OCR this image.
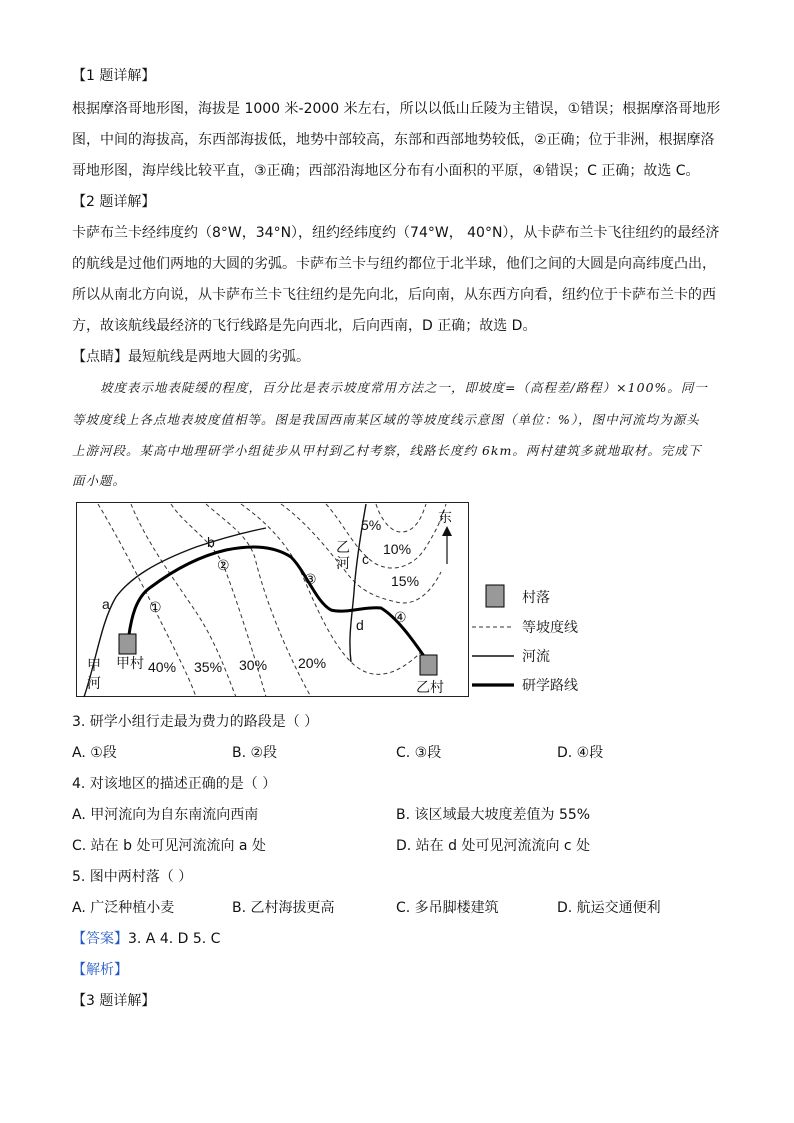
【1 题详解】
根据摩洛哥地形图，海拔是 1000 米-2000 米左右，所以以低山丘陵为主错误，①错误；根据摩洛哥地形
图，中间的海拔高，东西部海拔低，地势中部较高，东部和西部地势较低，②正确；位于非洲，根据摩洛
哥地形图，海岸线比较平直，③正确；西部沿海地区分布有小面积的平原，④错误；C 正确；故选 C。
【2 题详解】
卡萨布兰卡经纬度约（8°W，34°N），纽约经纬度约（74°W， 40°N），从卡萨布兰卡飞往纽约的最经济
的航线是过他们两地的大圆的劣弧。卡萨布兰卡与纽约都位于北半球，他们之间的大圆是向高纬度凸出，
所以从南北方向说，从卡萨布兰卡飞往纽约是先向北，后向南，从东西方向看，纽约位于卡萨布兰卡的西
方，故该航线最经济的飞行线路是先向西北，后向西南，D 正确；故选 D。
【点睛】最短航线是两地大圆的劣弧。
坡度表示地表陡缓的程度，百分比是表示坡度常用方法之一，即坡度=（高程差/路程）×100%。同一
等坡度线上各点地表坡度值相等。图是我国西南某区域的等坡度线示意图（单位：%），图中河流均为源头
上游河段。某高中地理研学小组徒步从甲村到乙村考察，线路长度约 6km。两村建筑多就地取材。完成下
面小题。
5%
10%
15%
40% 35% 30% 20%
a
b
c
d
①
②
③
④
乙
河
甲
河
甲村
乙村
东
村落
等坡度线
河流
研学路线
3. 研学小组行走最为费力的路段是（ ）
A. ①段	B. ②段	C. ③段	D. ④段
4. 对该地区的描述正确的是（ ）
A. 甲河流向为自东南流向西南	B. 该区域最大坡度差值为 55%
C. 站在 b 处可见河流流向 a 处	D. 站在 d 处可见河流流向 c 处
5. 图中两村落（ ）
A. 广泛种植小麦	B. 乙村海拔更高	C. 多吊脚楼建筑	D. 航运交通便利
【答案】3. A 4. D 5. C
【解析】
【3 题详解】
